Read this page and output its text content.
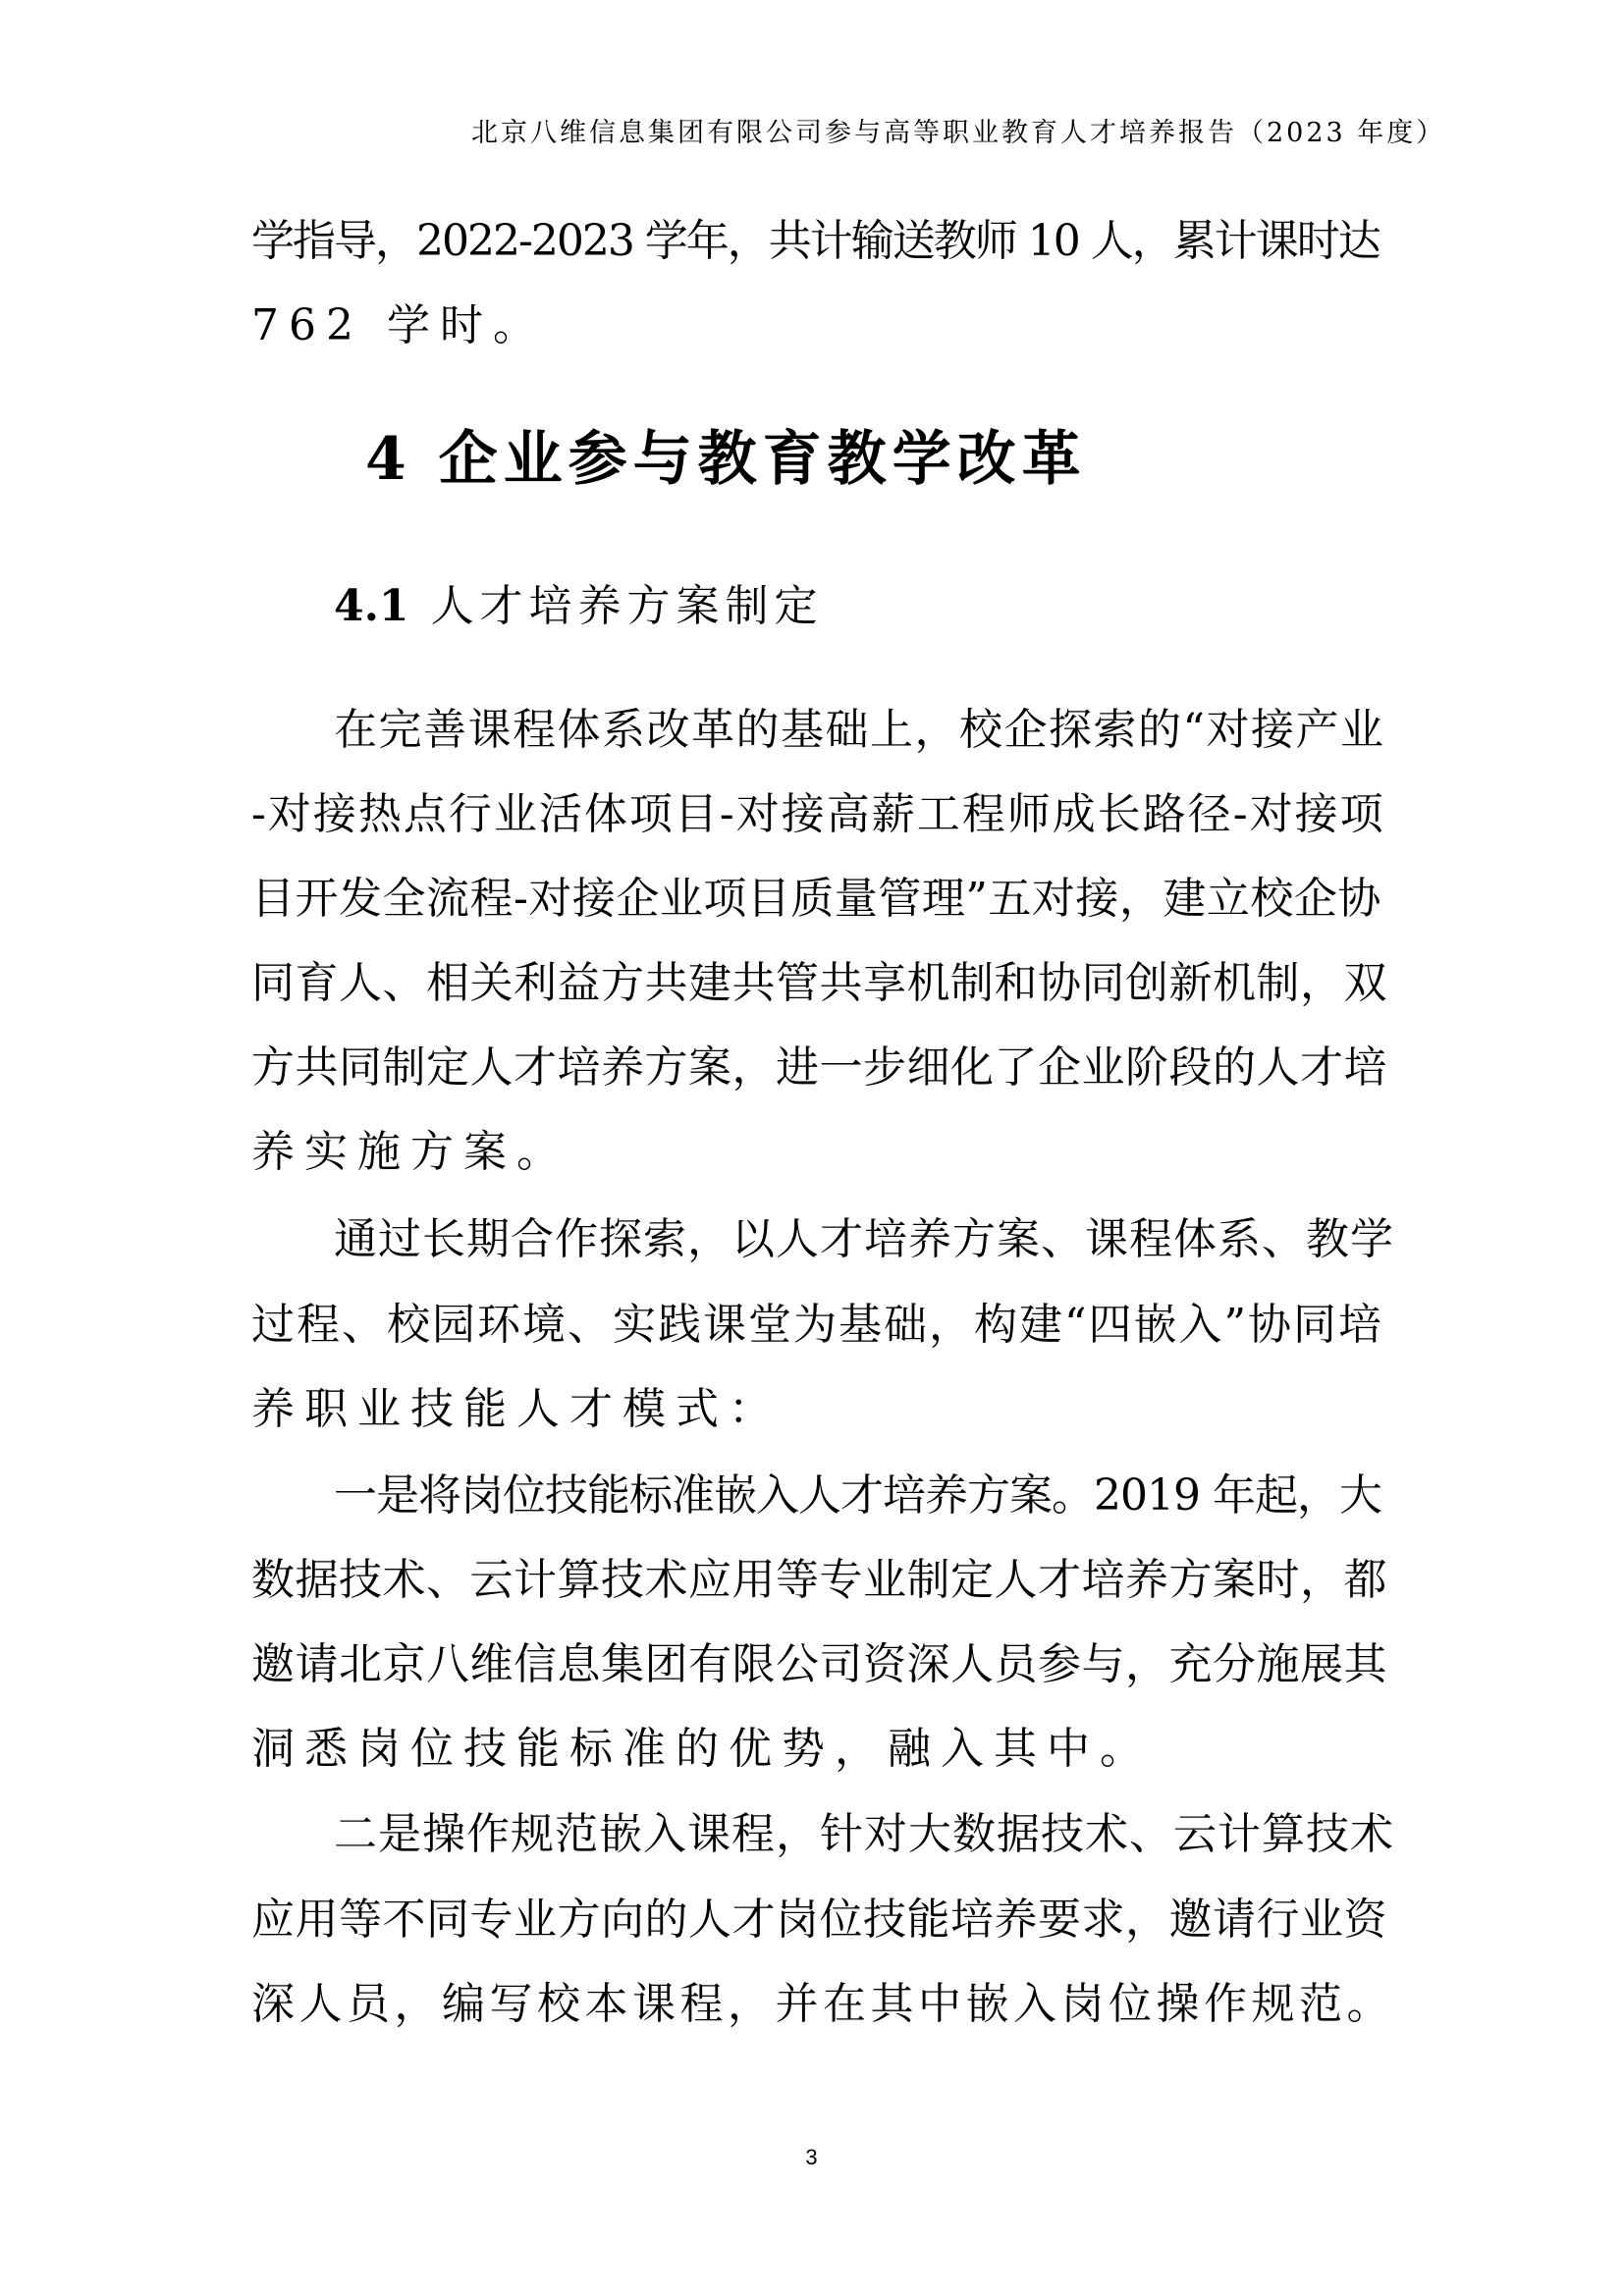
北京八维信息集团有限公司参与高等职业教育人才培养报告（2023 年度）
学指导，2022-2023 学年，共计输送教师 10 人，累计课时达
762 学时。
4 企业参与教育教学改革
4.1 人才培养方案制定
在完善课程体系改革的基础上，校企探索的“对接产业
-对接热点行业活体项目-对接高薪工程师成长路径-对接项
目开发全流程-对接企业项目质量管理”五对接，建立校企协
同育人、相关利益方共建共管共享机制和协同创新机制，双
方共同制定人才培养方案，进一步细化了企业阶段的人才培
养实施方案。
通过长期合作探索，以人才培养方案、课程体系、教学
过程、校园环境、实践课堂为基础，构建“四嵌入”协同培
养职业技能人才模式：
一是将岗位技能标准嵌入人才培养方案。2019 年起，大
数据技术、云计算技术应用等专业制定人才培养方案时，都
邀请北京八维信息集团有限公司资深人员参与，充分施展其
洞悉岗位技能标准的优势，融入其中。
二是操作规范嵌入课程，针对大数据技术、云计算技术
应用等不同专业方向的人才岗位技能培养要求，邀请行业资
深人员，编写校本课程，并在其中嵌入岗位操作规范。
3
